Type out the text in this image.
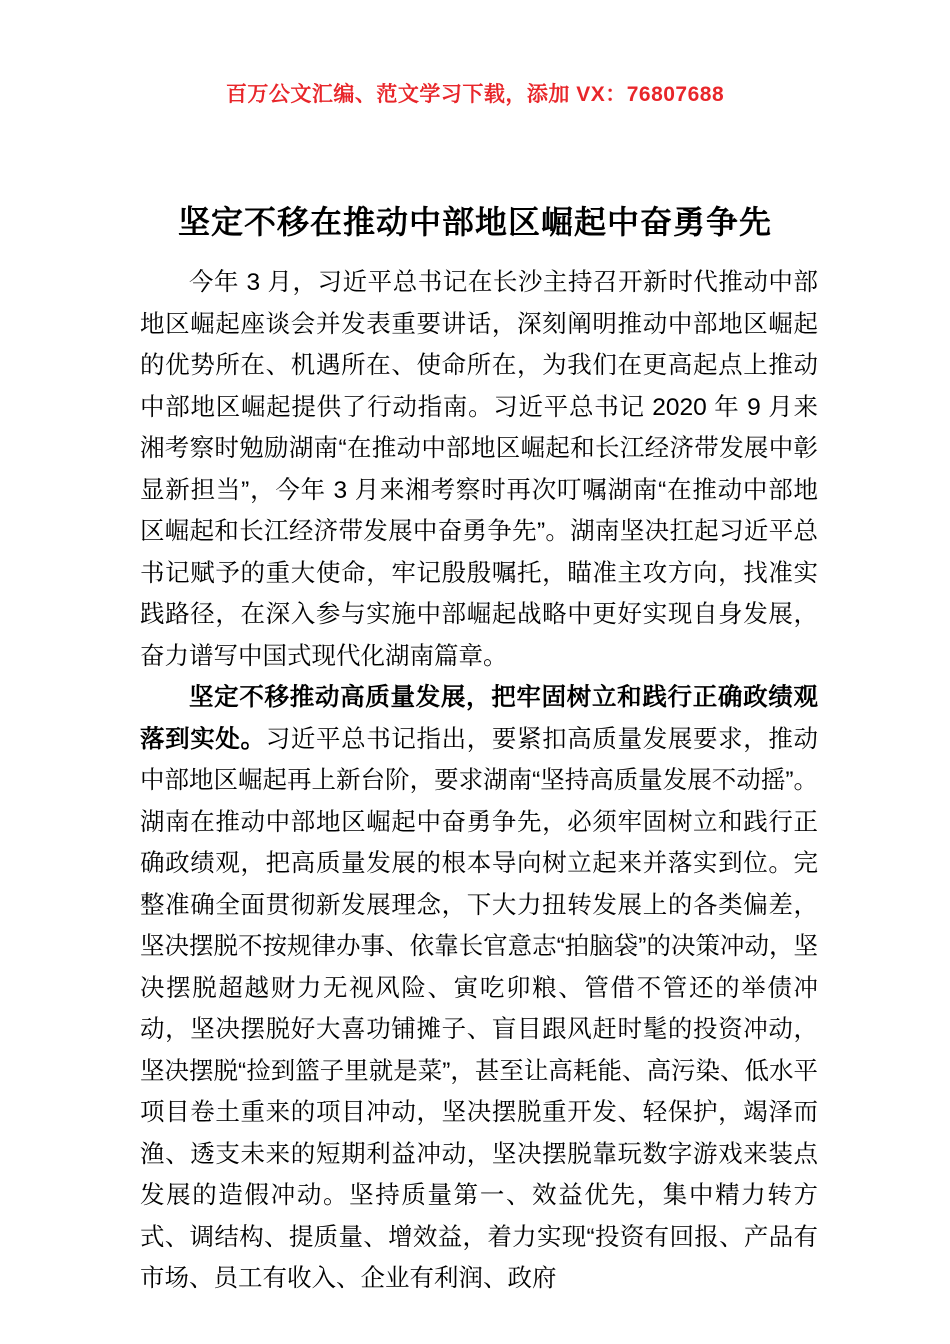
百万公文汇编、范文学习下载，添加 VX：76807688
坚定不移在推动中部地区崛起中奋勇争先

今年 3 月，习近平总书记在长沙主持召开新时代推动中部地区崛起座谈会并发表重要讲话，深刻阐明推动中部地区崛起的优势所在、机遇所在、使命所在，为我们在更高起点上推动中部地区崛起提供了行动指南。习近平总书记 2020 年 9 月来湘考察时勉励湖南“在推动中部地区崛起和长江经济带发展中彰显新担当”，今年 3 月来湘考察时再次叮嘱湖南“在推动中部地区崛起和长江经济带发展中奋勇争先”。湖南坚决扛起习近平总书记赋予的重大使命，牢记殷殷嘱托，瞄准主攻方向，找准实践路径，在深入参与实施中部崛起战略中更好实现自身发展，奋力谱写中国式现代化湖南篇章。

坚定不移推动高质量发展，把牢固树立和践行正确政绩观落到实处。习近平总书记指出，要紧扣高质量发展要求，推动中部地区崛起再上新台阶，要求湖南“坚持高质量发展不动摇”。湖南在推动中部地区崛起中奋勇争先，必须牢固树立和践行正确政绩观，把高质量发展的根本导向树立起来并落实到位。完整准确全面贯彻新发展理念，下大力扭转发展上的各类偏差，坚决摆脱不按规律办事、依靠长官意志“拍脑袋”的决策冲动，坚决摆脱超越财力无视风险、寅吃卯粮、管借不管还的举债冲动，坚决摆脱好大喜功铺摊子、盲目跟风赶时髦的投资冲动，坚决摆脱“捡到篮子里就是菜”，甚至让高耗能、高污染、低水平项目卷土重来的项目冲动，坚决摆脱重开发、轻保护，竭泽而渔、透支未来的短期利益冲动，坚决摆脱靠玩数字游戏来装点发展的造假冲动。坚持质量第一、效益优先，集中精力转方式、调结构、提质量、增效益，着力实现“投资有回报、产品有市场、员工有收入、企业有利润、政府
